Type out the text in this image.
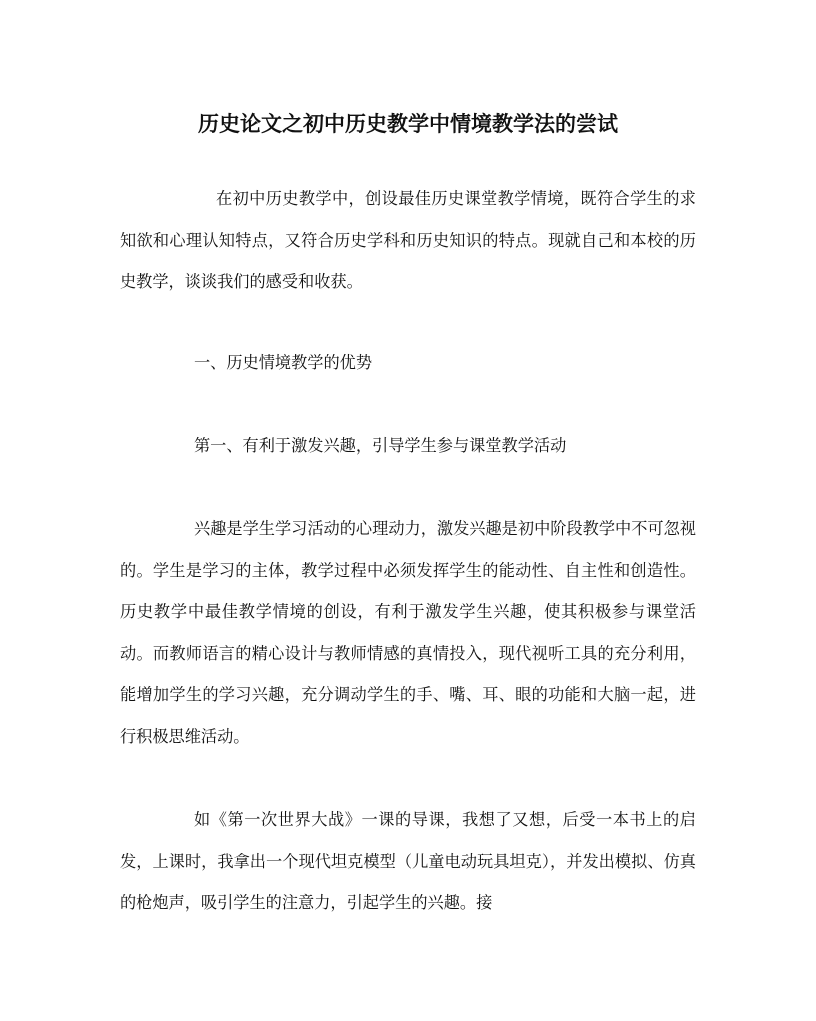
历史论文之初中历史教学中情境教学法的尝试

在初中历史教学中，创设最佳历史课堂教学情境，既符合学生的求知欲和心理认知特点，又符合历史学科和历史知识的特点。现就自己和本校的历史教学，谈谈我们的感受和收获。

一、历史情境教学的优势

第一、有利于激发兴趣，引导学生参与课堂教学活动

兴趣是学生学习活动的心理动力，激发兴趣是初中阶段教学中不可忽视的。学生是学习的主体，教学过程中必须发挥学生的能动性、自主性和创造性。历史教学中最佳教学情境的创设，有利于激发学生兴趣，使其积极参与课堂活动。而教师语言的精心设计与教师情感的真情投入，现代视听工具的充分利用，能增加学生的学习兴趣，充分调动学生的手、嘴、耳、眼的功能和大脑一起，进行积极思维活动。

如《第一次世界大战》一课的导课，我想了又想，后受一本书上的启发，上课时，我拿出一个现代坦克模型（儿童电动玩具坦克），并发出模拟、仿真的枪炮声，吸引学生的注意力，引起学生的兴趣。接
